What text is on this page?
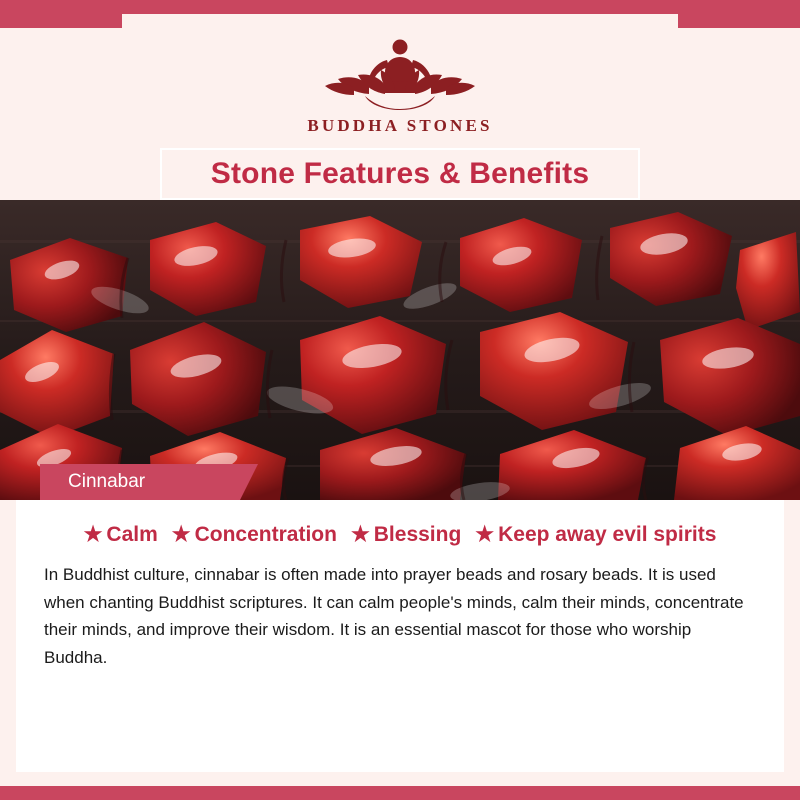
BUDDHA STONES
Stone Features & Benefits
Cinnabar
★ Calm ★ Concentration ★ Blessing ★ Keep away evil spirits

In Buddhist culture, cinnabar is often made into prayer beads and rosary beads. It is used when chanting Buddhist scriptures. It can calm people's minds, calm their minds, concentrate their minds, and improve their wisdom. It is an essential mascot for those who worship Buddha.
